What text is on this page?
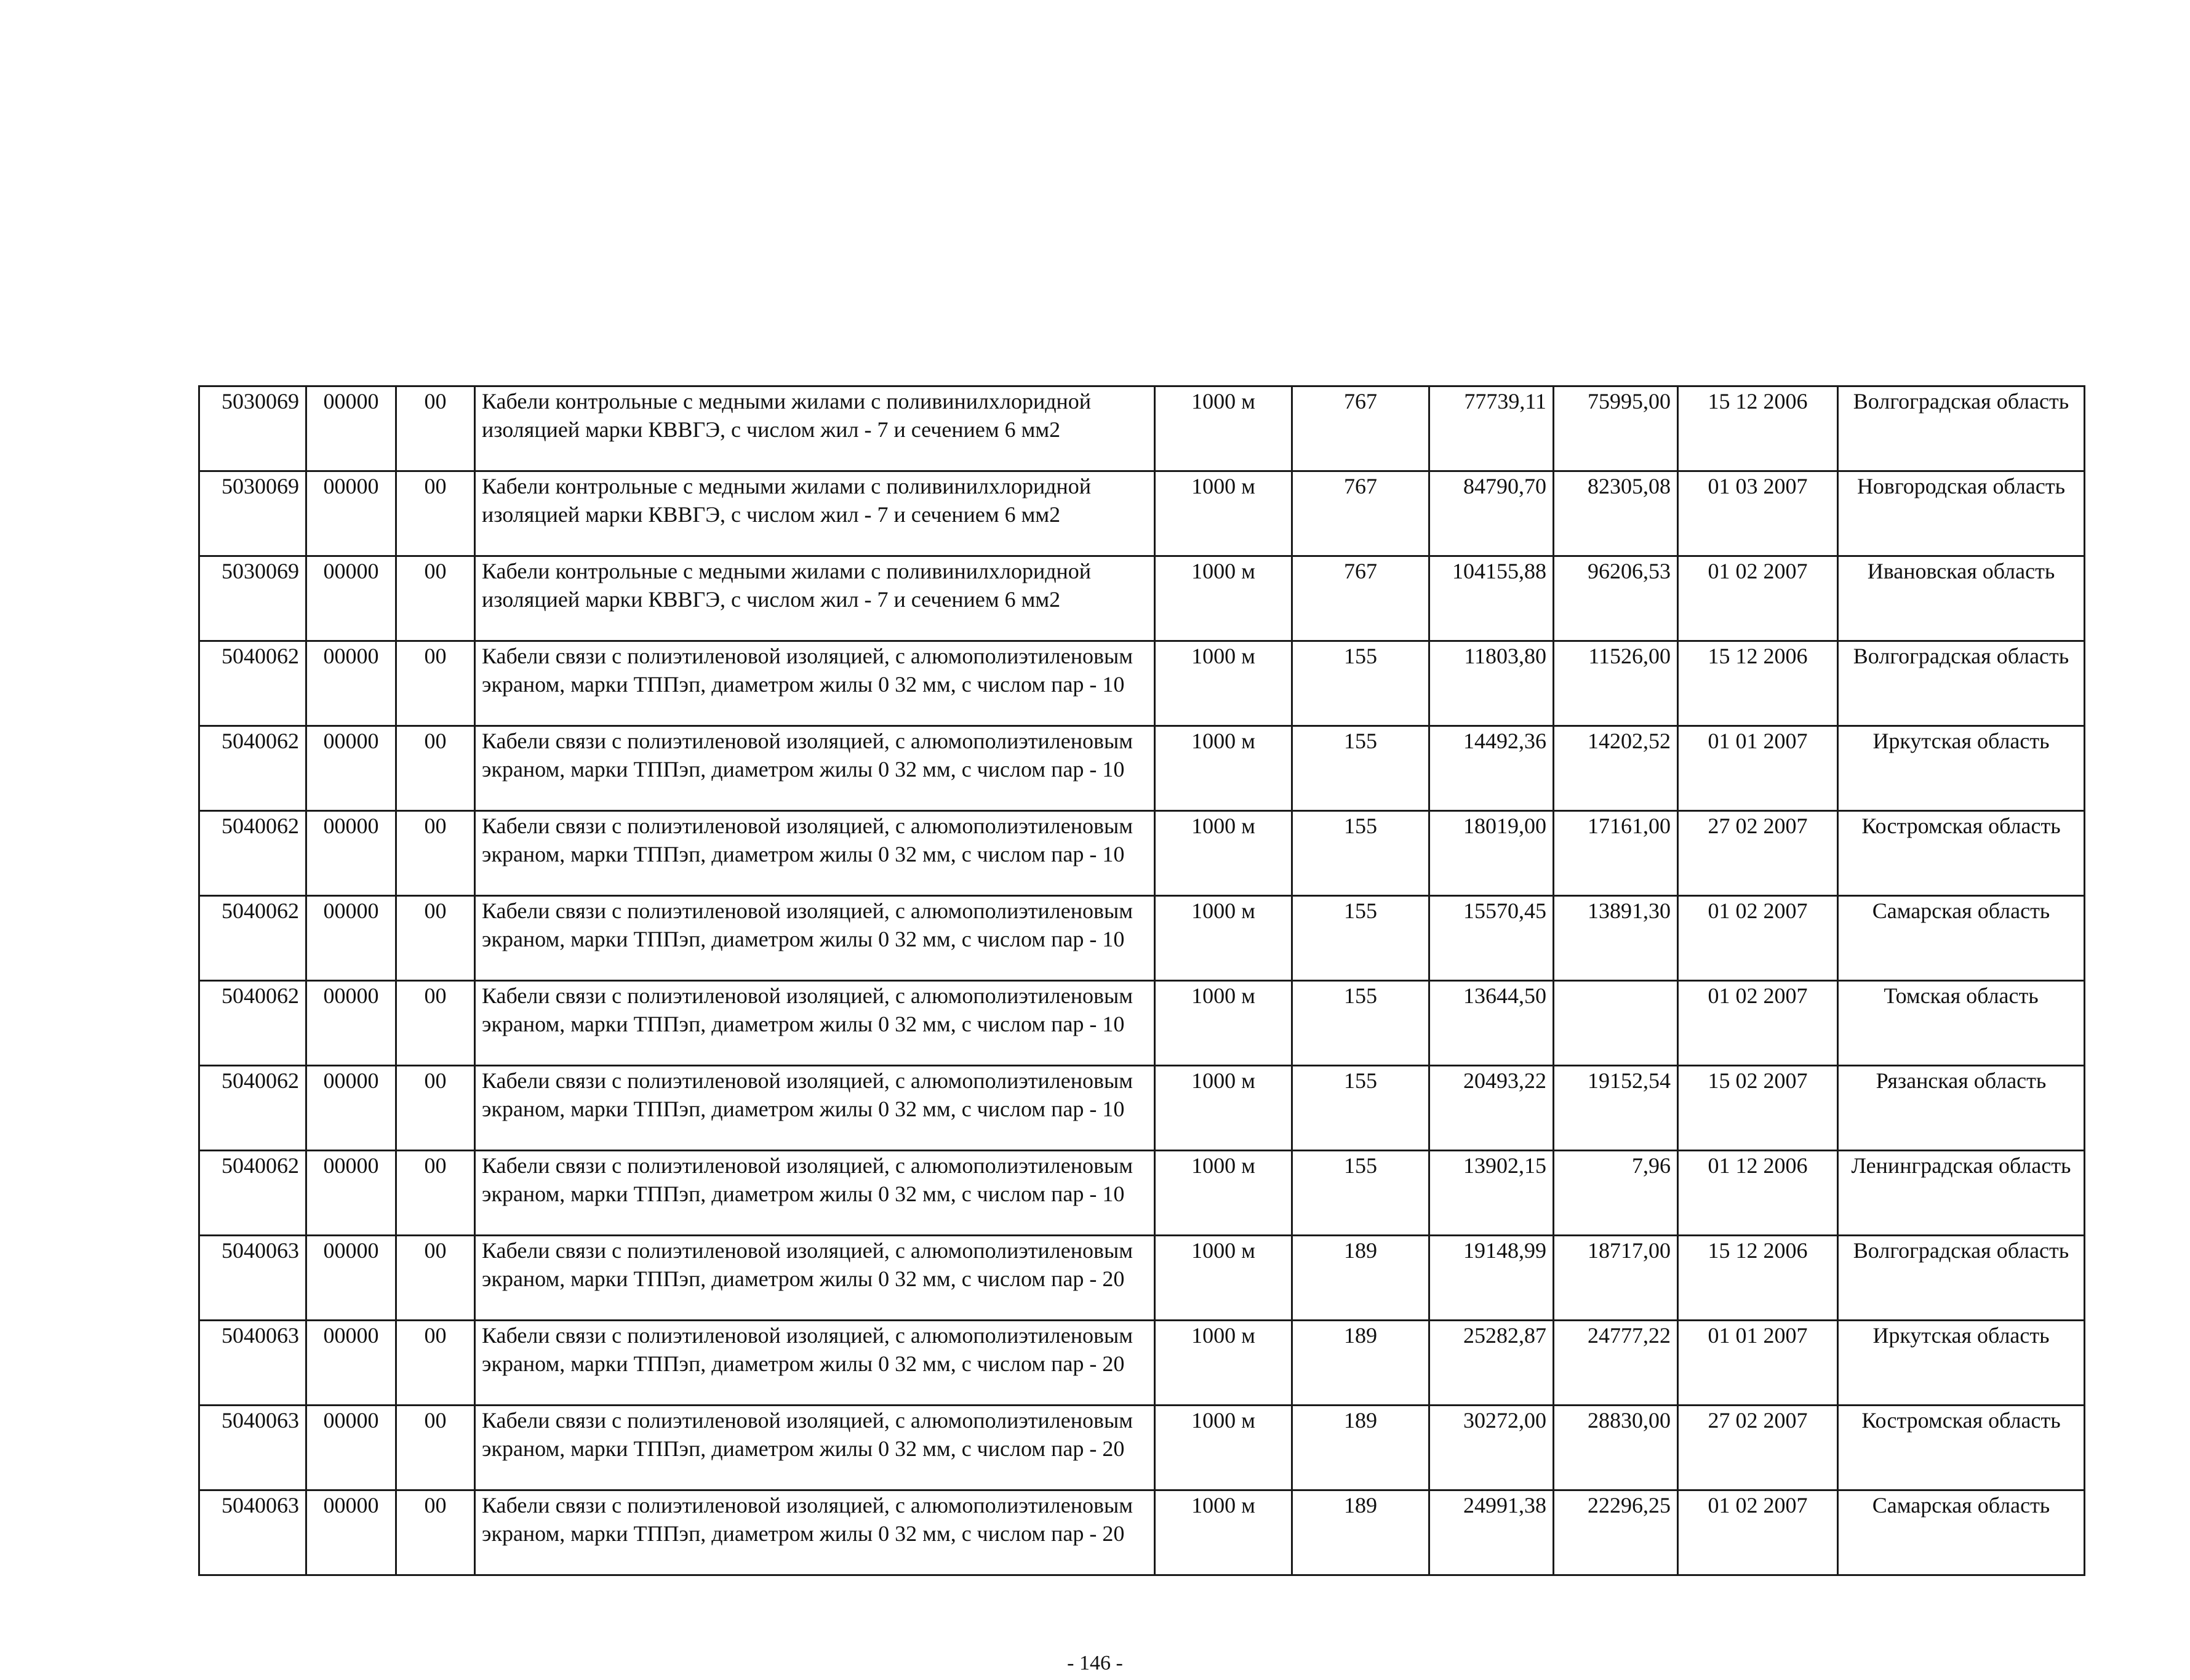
5030069	00000	00	Кабели контрольные с медными жилами с поливинилхлоридной изоляцией марки КВВГЭ, с числом жил - 7 и сечением 6 мм2	1000 м	767	77739,11	75995,00	15 12 2006	Волгоградская область
5030069	00000	00	Кабели контрольные с медными жилами с поливинилхлоридной изоляцией марки КВВГЭ, с числом жил - 7 и сечением 6 мм2	1000 м	767	84790,70	82305,08	01 03 2007	Новгородская область
5030069	00000	00	Кабели контрольные с медными жилами с поливинилхлоридной изоляцией марки КВВГЭ, с числом жил - 7 и сечением 6 мм2	1000 м	767	104155,88	96206,53	01 02 2007	Ивановская область
5040062	00000	00	Кабели связи с полиэтиленовой изоляцией, с алюмополиэтиленовым экраном, марки ТППэп, диаметром жилы 0 32 мм, с числом пар - 10	1000 м	155	11803,80	11526,00	15 12 2006	Волгоградская область
5040062	00000	00	Кабели связи с полиэтиленовой изоляцией, с алюмополиэтиленовым экраном, марки ТППэп, диаметром жилы 0 32 мм, с числом пар - 10	1000 м	155	14492,36	14202,52	01 01 2007	Иркутская область
5040062	00000	00	Кабели связи с полиэтиленовой изоляцией, с алюмополиэтиленовым экраном, марки ТППэп, диаметром жилы 0 32 мм, с числом пар - 10	1000 м	155	18019,00	17161,00	27 02 2007	Костромская область
5040062	00000	00	Кабели связи с полиэтиленовой изоляцией, с алюмополиэтиленовым экраном, марки ТППэп, диаметром жилы 0 32 мм, с числом пар - 10	1000 м	155	15570,45	13891,30	01 02 2007	Самарская область
5040062	00000	00	Кабели связи с полиэтиленовой изоляцией, с алюмополиэтиленовым экраном, марки ТППэп, диаметром жилы 0 32 мм, с числом пар - 10	1000 м	155	13644,50		01 02 2007	Томская область
5040062	00000	00	Кабели связи с полиэтиленовой изоляцией, с алюмополиэтиленовым экраном, марки ТППэп, диаметром жилы 0 32 мм, с числом пар - 10	1000 м	155	20493,22	19152,54	15 02 2007	Рязанская область
5040062	00000	00	Кабели связи с полиэтиленовой изоляцией, с алюмополиэтиленовым экраном, марки ТППэп, диаметром жилы 0 32 мм, с числом пар - 10	1000 м	155	13902,15	7,96	01 12 2006	Ленинградская область
5040063	00000	00	Кабели связи с полиэтиленовой изоляцией, с алюмополиэтиленовым экраном, марки ТППэп, диаметром жилы 0 32 мм, с числом пар - 20	1000 м	189	19148,99	18717,00	15 12 2006	Волгоградская область
5040063	00000	00	Кабели связи с полиэтиленовой изоляцией, с алюмополиэтиленовым экраном, марки ТППэп, диаметром жилы 0 32 мм, с числом пар - 20	1000 м	189	25282,87	24777,22	01 01 2007	Иркутская область
5040063	00000	00	Кабели связи с полиэтиленовой изоляцией, с алюмополиэтиленовым экраном, марки ТППэп, диаметром жилы 0 32 мм, с числом пар - 20	1000 м	189	30272,00	28830,00	27 02 2007	Костромская область
5040063	00000	00	Кабели связи с полиэтиленовой изоляцией, с алюмополиэтиленовым экраном, марки ТППэп, диаметром жилы 0 32 мм, с числом пар - 20	1000 м	189	24991,38	22296,25	01 02 2007	Самарская область
- 146 -
